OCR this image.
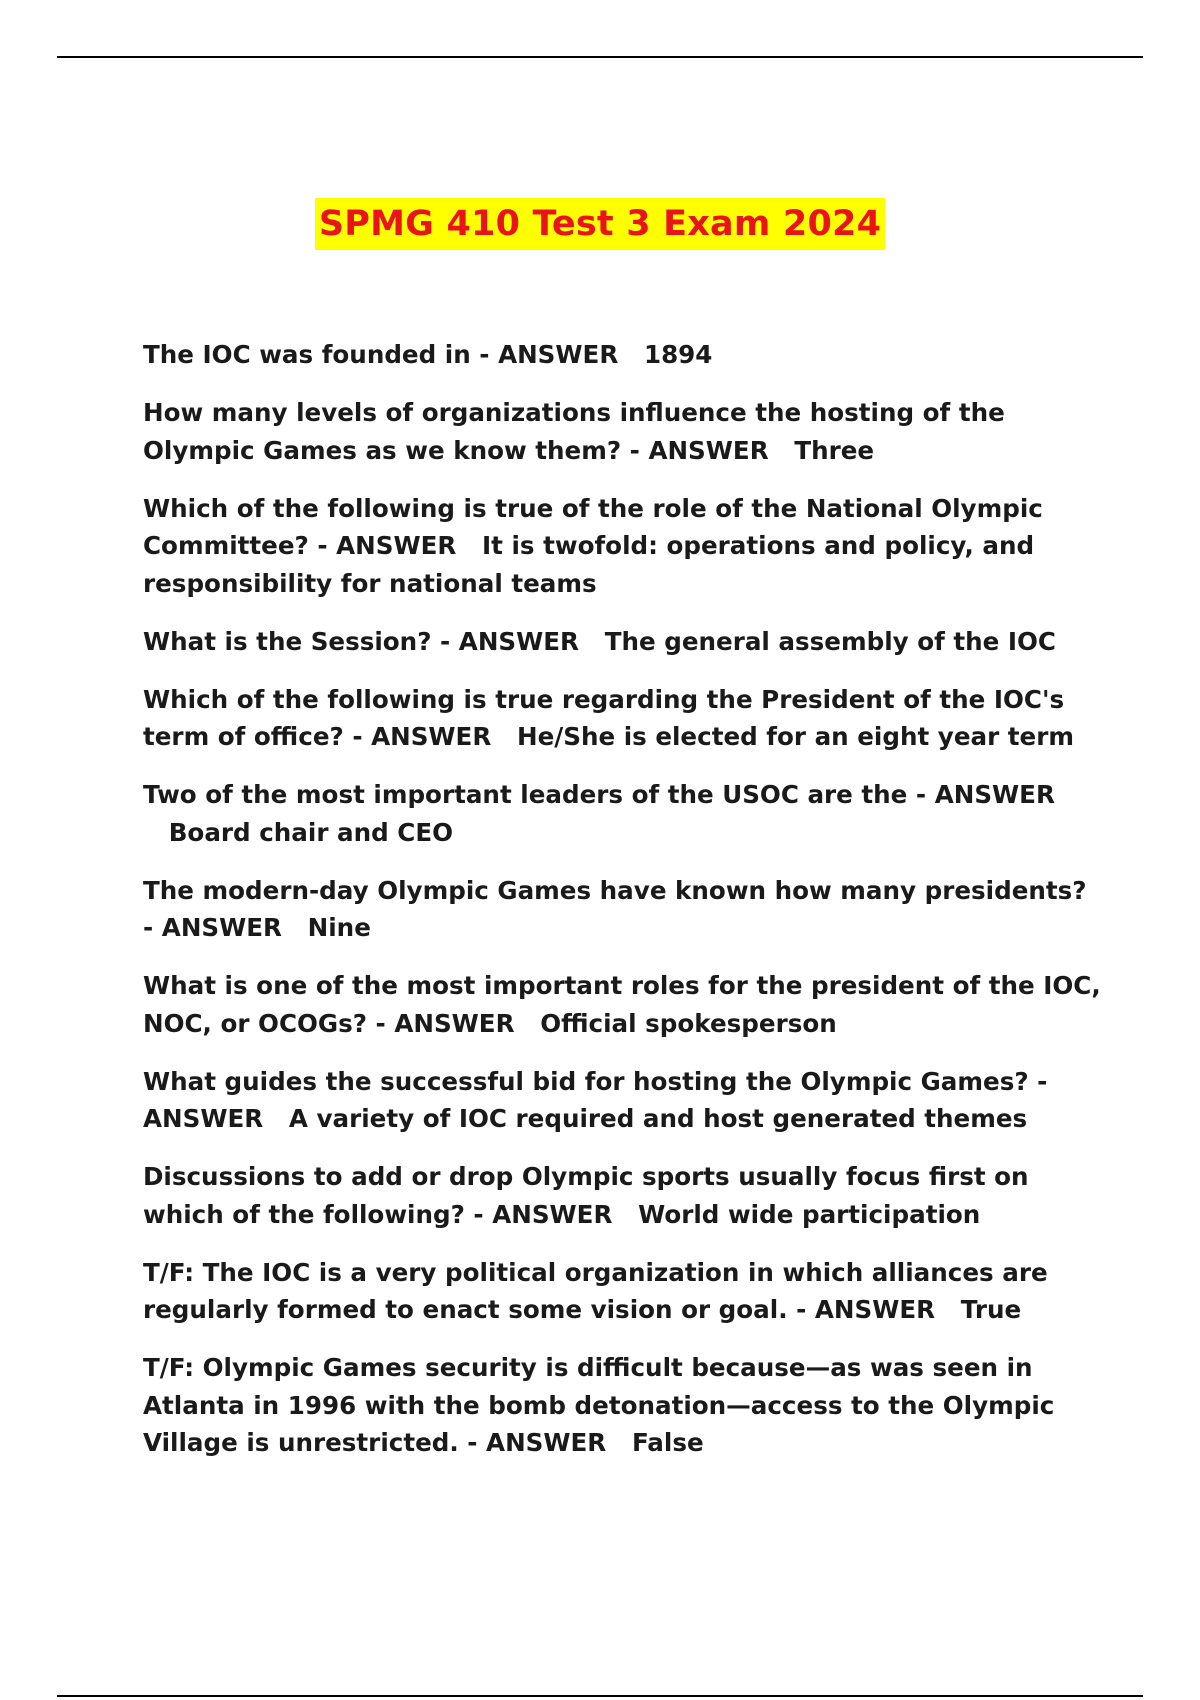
SPMG 410 Test 3 Exam 2024
The IOC was founded in - ANSWER 1894
How many levels of organizations influence the hosting of the Olympic Games as we know them? - ANSWER Three
Which of the following is true of the role of the National Olympic Committee? - ANSWER It is twofold: operations and policy, and responsibility for national teams
What is the Session? - ANSWER The general assembly of the IOC
Which of the following is true regarding the President of the IOC's term of office? - ANSWER He/She is elected for an eight year term
Two of the most important leaders of the USOC are the - ANSWER   Board chair and CEO
The modern-day Olympic Games have known how many presidents? - ANSWER Nine
What is one of the most important roles for the president of the IOC, NOC, or OCOGs? - ANSWER Official spokesperson
What guides the successful bid for hosting the Olympic Games? - ANSWER A variety of IOC required and host generated themes
Discussions to add or drop Olympic sports usually focus first on which of the following? - ANSWER World wide participation
T/F: The IOC is a very political organization in which alliances are regularly formed to enact some vision or goal. - ANSWER True
T/F: Olympic Games security is difficult because—as was seen in Atlanta in 1996 with the bomb detonation—access to the Olympic Village is unrestricted. - ANSWER False
